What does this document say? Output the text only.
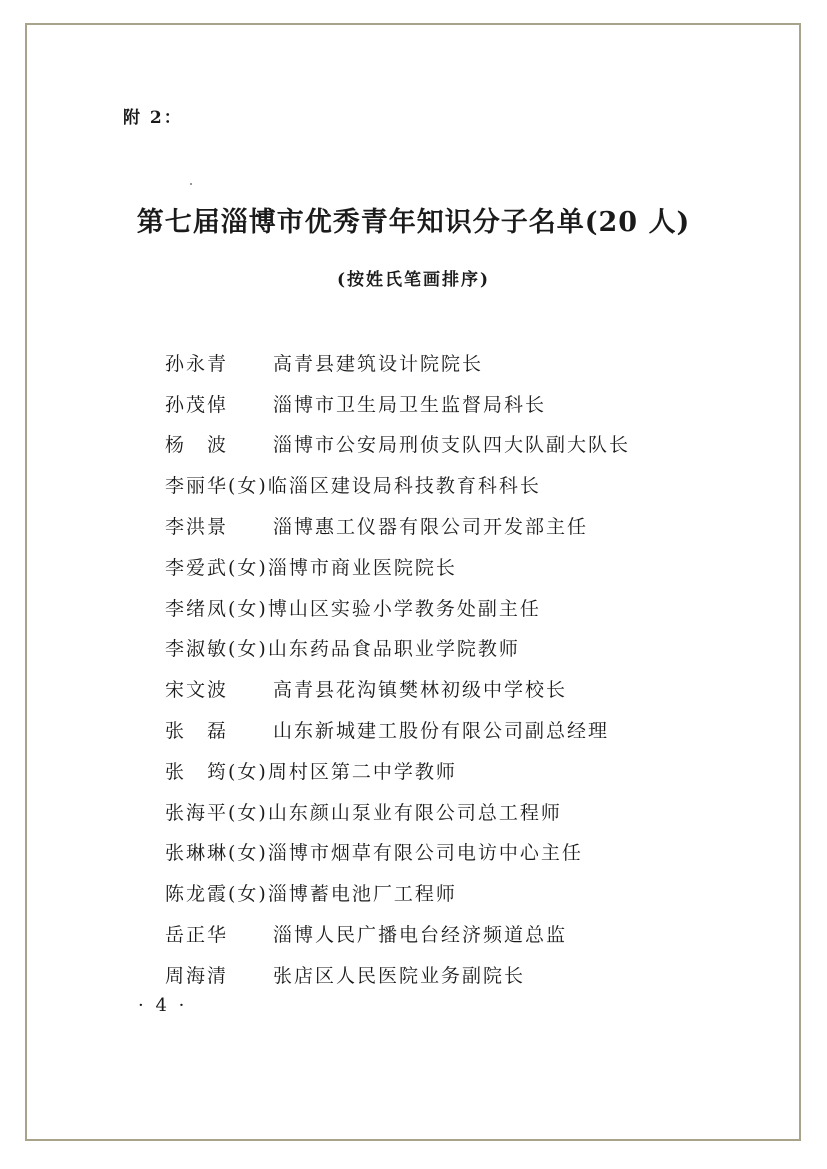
附 2：
第七届淄博市优秀青年知识分子名单(20 人)
(按姓氏笔画排序)
孙永青	高青县建筑设计院院长
孙茂倬	淄博市卫生局卫生监督局科长
杨　波	淄博市公安局刑侦支队四大队副大队长
李丽华(女) 临淄区建设局科技教育科科长
李洪景	淄博惠工仪器有限公司开发部主任
李爱武(女) 淄博市商业医院院长
李绪凤(女) 博山区实验小学教务处副主任
李淑敏(女) 山东药品食品职业学院教师
宋文波	高青县花沟镇樊林初级中学校长
张　磊	山东新城建工股份有限公司副总经理
张　筠(女) 周村区第二中学教师
张海平(女) 山东颜山泵业有限公司总工程师
张琳琳(女) 淄博市烟草有限公司电访中心主任
陈龙霞(女) 淄博蓄电池厂工程师
岳正华	淄博人民广播电台经济频道总监
周海清	张店区人民医院业务副院长
· 4 ·
